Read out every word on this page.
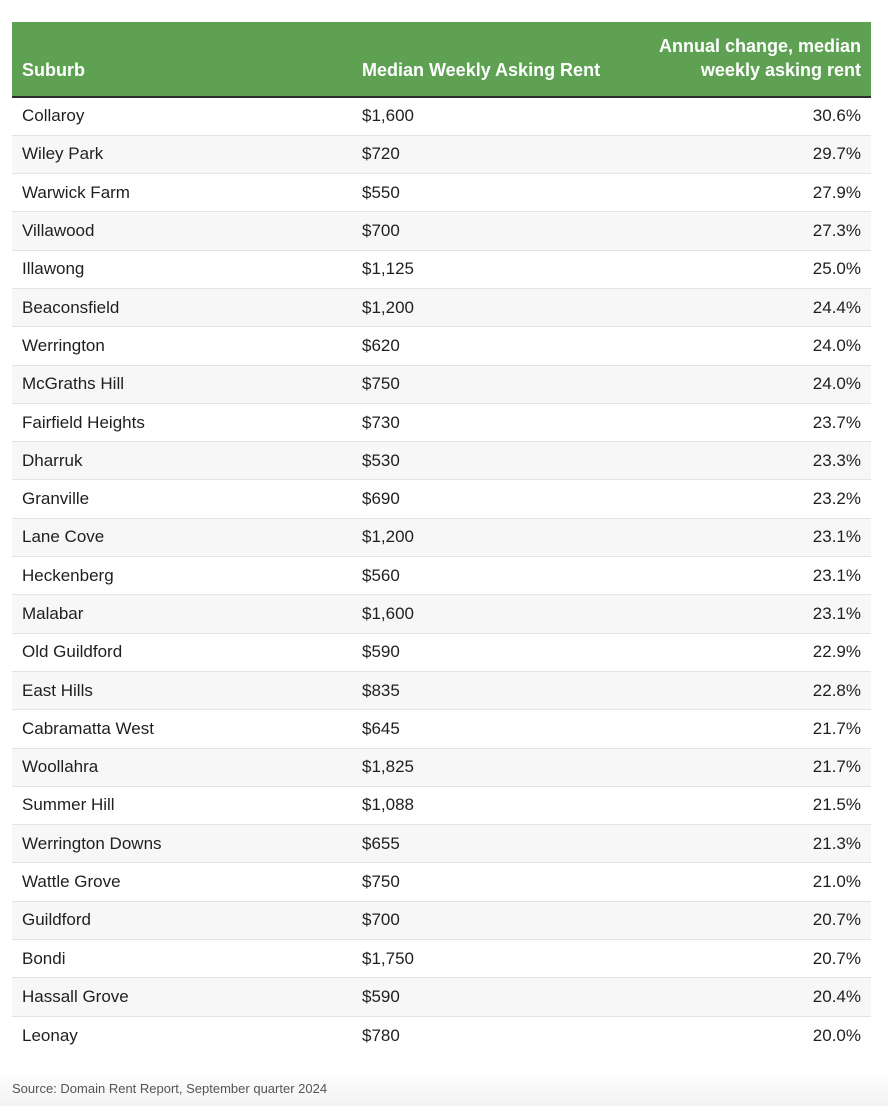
Suburb	Median Weekly Asking Rent	Annual change, median weekly asking rent
Collaroy	$1,600	30.6%
Wiley Park	$720	29.7%
Warwick Farm	$550	27.9%
Villawood	$700	27.3%
Illawong	$1,125	25.0%
Beaconsfield	$1,200	24.4%
Werrington	$620	24.0%
McGraths Hill	$750	24.0%
Fairfield Heights	$730	23.7%
Dharruk	$530	23.3%
Granville	$690	23.2%
Lane Cove	$1,200	23.1%
Heckenberg	$560	23.1%
Malabar	$1,600	23.1%
Old Guildford	$590	22.9%
East Hills	$835	22.8%
Cabramatta West	$645	21.7%
Woollahra	$1,825	21.7%
Summer Hill	$1,088	21.5%
Werrington Downs	$655	21.3%
Wattle Grove	$750	21.0%
Guildford	$700	20.7%
Bondi	$1,750	20.7%
Hassall Grove	$590	20.4%
Leonay	$780	20.0%
Source: Domain Rent Report, September quarter 2024
